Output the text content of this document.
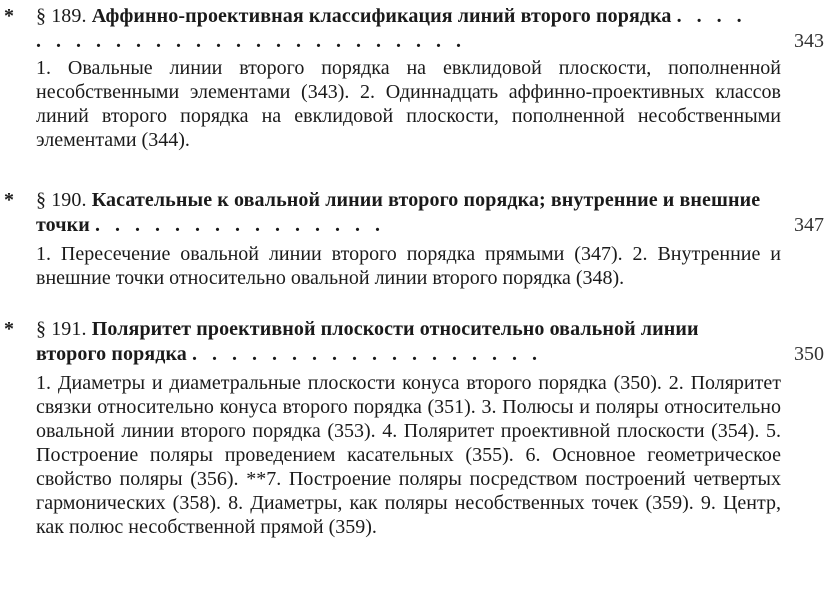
* § 189. Аффинно-проективная классификация линий второго порядка . . . . . . . . . . . . . . . . . . . . . . . . . .	343
1. Овальные линии второго порядка на евклидовой плоскости, пополненной несобственными элементами (343). 2. Одиннадцать аффинно-проективных классов линий второго порядка на евклидовой плоскости, пополненной несобственными элементами (344).
* § 190. Касательные к овальной линии второго порядка; внутренние и внешние точки . . . . . . . . . . . . . . .	347
1. Пересечение овальной линии второго порядка прямыми (347). 2. Внутренние и внешние точки относительно овальной линии второго порядка (348).
* § 191. Поляритет проективной плоскости относительно овальной линии второго порядка . . . . . . . . . . . . . . . . . .	350
1. Диаметры и диаметральные плоскости конуса второго порядка (350). 2. Поляритет связки относительно конуса второго порядка (351). 3. Полюсы и поляры относительно овальной линии второго порядка (353). 4. Поляритет проективной плоскости (354). 5. Построение поляры проведением касательных (355). 6. Основное геометрическое свойство поляры (356). **7. Построение поляры посредством построений четвертых гармонических (358). 8. Диаметры, как поляры несобственных точек (359). 9. Центр, как полюс несобственной прямой (359).
